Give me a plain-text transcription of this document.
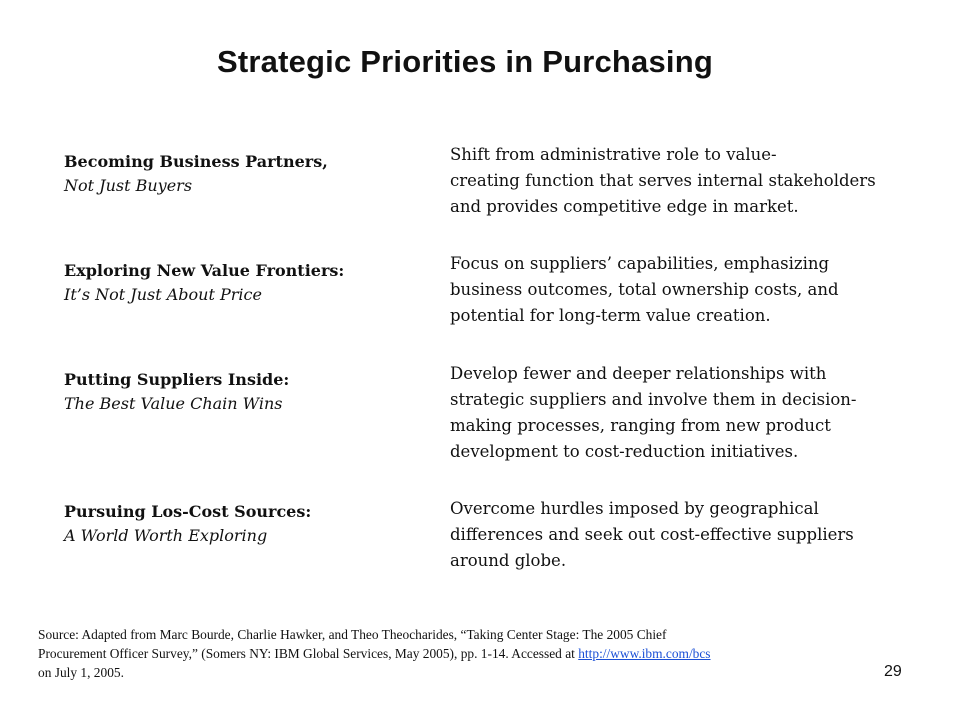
Strategic Priorities in Purchasing
Becoming Business Partners,
Not Just Buyers
Shift from administrative role to value-
creating function that serves internal stakeholders
and provides competitive edge in market.
Exploring New Value Frontiers:
It’s Not Just About Price
Focus on suppliers’ capabilities, emphasizing
business outcomes, total ownership costs, and
potential for long-term value creation.
Putting Suppliers Inside:
The Best Value Chain Wins
Develop fewer and deeper relationships with
strategic suppliers and involve them in decision-
making processes, ranging from new product
development to cost-reduction initiatives.
Pursuing Los-Cost Sources:
A World Worth Exploring
Overcome hurdles imposed by geographical
differences and seek out cost-effective suppliers
around globe.
Source: Adapted from Marc Bourde, Charlie Hawker, and Theo Theocharides, “Taking Center Stage: The 2005 Chief
Procurement Officer Survey,” (Somers NY: IBM Global Services, May 2005), pp. 1-14. Accessed at http://www.ibm.com/bcs
on July 1, 2005.	29
